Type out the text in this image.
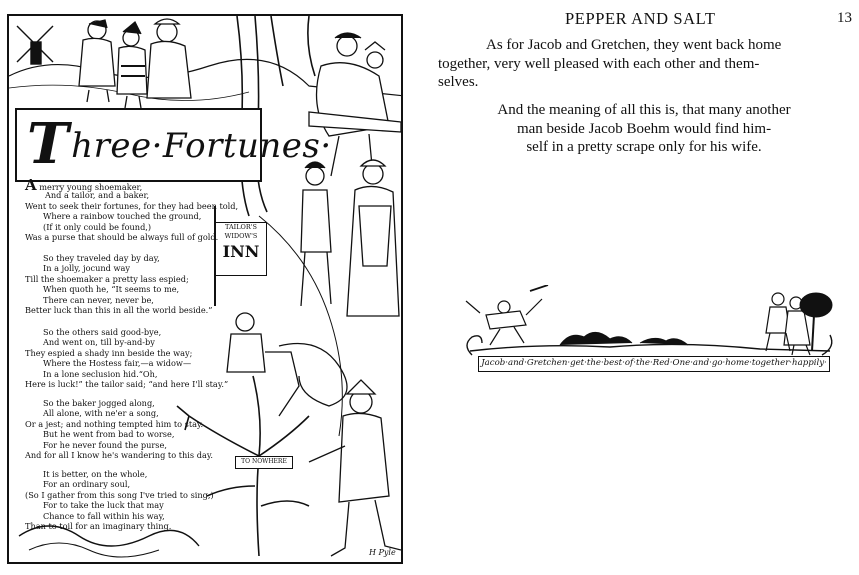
Three·Fortunes·
TAILOR'S
WIDOW'S
INN
TO NOWHERE
A merry young shoemaker,
And a tailor, and a baker,
Went to seek their fortunes, for they had been told,
Where a rainbow touched the ground,
(If it only could be found,)
Was a purse that should be always full of gold.
So they traveled day by day,
In a jolly, jocund way
Till the shoemaker a pretty lass espied;
When quoth he, “It seems to me,
There can never, never be,
Better luck than this in all the world beside.”
So the others said good-bye,
And went on, till by-and-by
They espied a shady inn beside the way;
Where the Hostess fair,—a widow—
In a lone seclusion hid.“Oh,
Here is luck!” the tailor said; “and here I'll stay.”
So the baker jogged along,
All alone, with ne'er a song,
Or a jest; and nothing tempted him to stay.
But he went from bad to worse,
For he never found the purse,
And for all I know he's wandering to this day.
It is better, on the whole,
For an ordinary soul,
(So I gather from this song I've tried to sing,)
For to take the luck that may
Chance to fall within his way,
Than to toil for an imaginary thing.
H Pyle
PEPPER AND SALT	13
As for Jacob and Gretchen, they went back home
together, very well pleased with each other and them-
selves.
And the meaning of all this is, that many another
man beside Jacob Boehm would find him-
self in a pretty scrape only for his wife.
Jacob·and·Gretchen·get·the·best·of·the·Red·One·and·go·home·together·happily·
